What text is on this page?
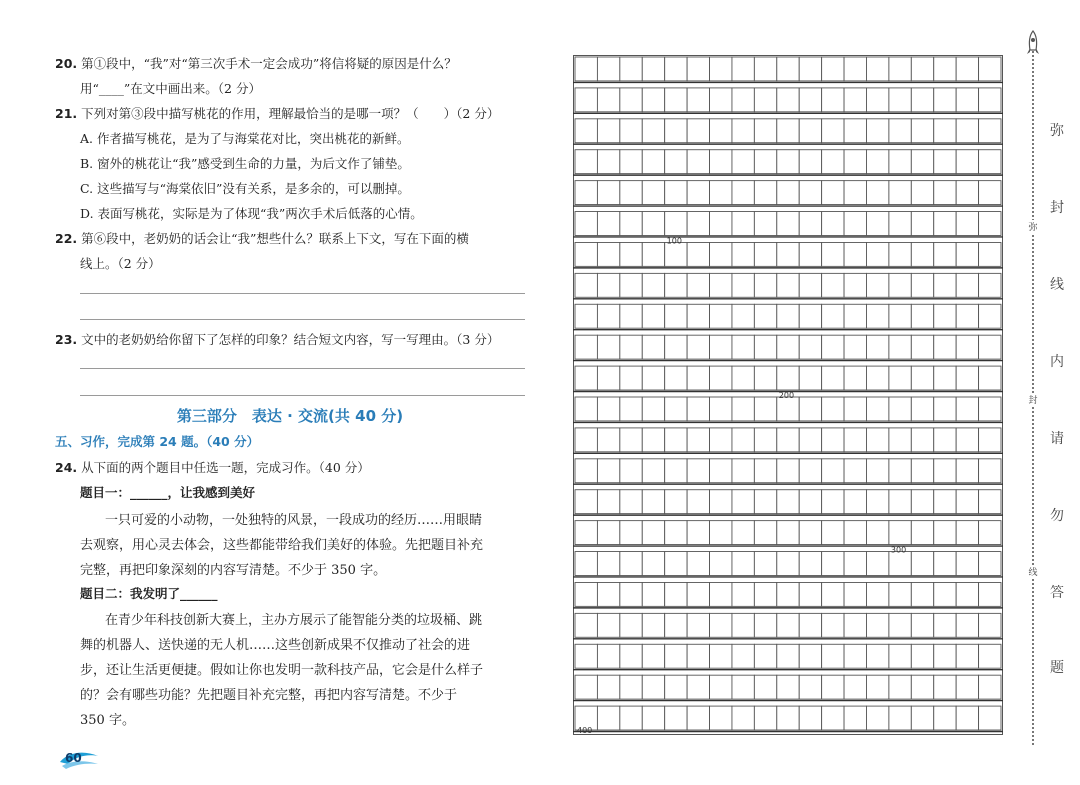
20. 第①段中，“我”对“第三次手术一定会成功”将信将疑的原因是什么？
用“____”在文中画出来。（2 分）
21. 下列对第③段中描写桃花的作用，理解最恰当的是哪一项？（　　）（2 分）
A. 作者描写桃花，是为了与海棠花对比，突出桃花的新鲜。
B. 窗外的桃花让“我”感受到生命的力量，为后文作了铺垫。
C. 这些描写与“海棠依旧”没有关系，是多余的，可以删掉。
D. 表面写桃花，实际是为了体现“我”两次手术后低落的心情。
22. 第⑥段中，老奶奶的话会让“我”想些什么？联系上下文，写在下面的横
线上。（2 分）
23. 文中的老奶奶给你留下了怎样的印象？结合短文内容，写一写理由。（3 分）
第三部分　表达 · 交流(共 40 分)
五、习作，完成第 24 题。（40 分）
24. 从下面的两个题目中任选一题，完成习作。（40 分）
题目一：______，让我感到美好
一只可爱的小动物，一处独特的风景，一段成功的经历……用眼睛
去观察，用心灵去体会，这些都能带给我们美好的体验。先把题目补充
完整，再把印象深刻的内容写清楚。不少于 350 字。
题目二：我发明了______
在青少年科技创新大赛上，主办方展示了能智能分类的垃圾桶、跳
舞的机器人、送快递的无人机……这些创新成果不仅推动了社会的进
步，还让生活更便捷。假如让你也发明一款科技产品，它会是什么样子
的？会有哪些功能？先把题目补充完整，再把内容写清楚。不少于
350 字。
60
100
200
300
400
弥
封
线
内
请
勿
答
题
弥
封
线
